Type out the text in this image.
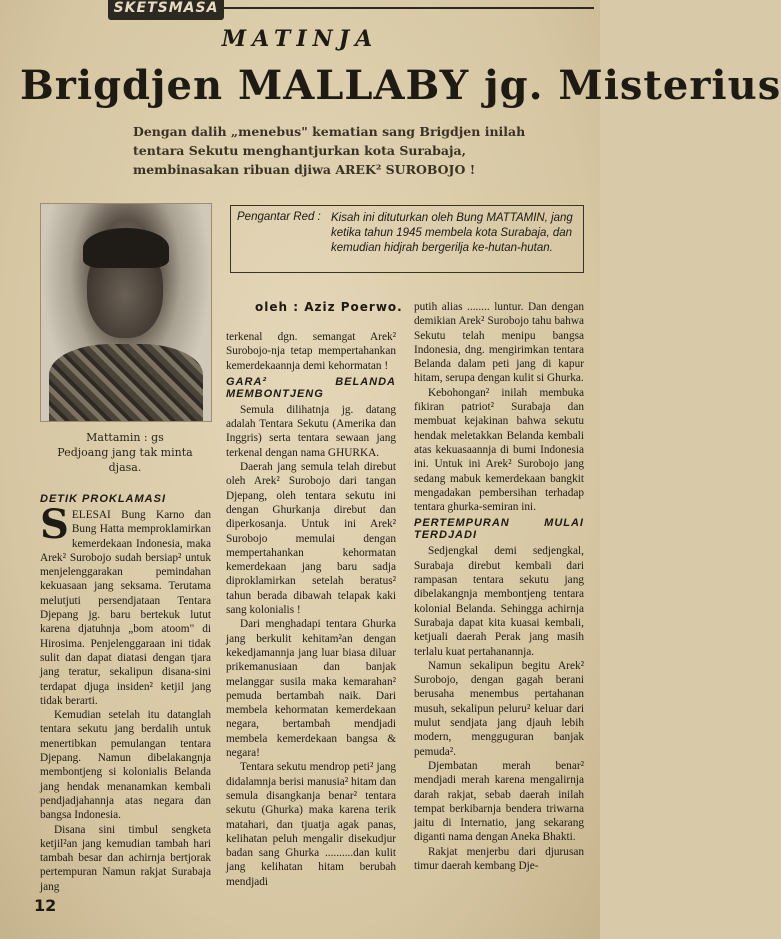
SKETSMASA
MATINJA
Brigdjen MALLABY jg. Misterius
Dengan dalih „menebus" kematian sang Brigdjen inilah tentara Sekutu menghantjurkan kota Surabaja, membinasakan ribuan djiwa AREK² SUROBOJO !
Mattamin : gs
Pedjoang jang tak minta djasa.
Pengantar Red : Kisah ini dituturkan oleh Bung MATTAMIN, jang ketika tahun 1945 membela kota Surabaja, dan kemudian hidjrah bergerilja ke-hutan-hutan.
oleh : Aziz Poerwo.
DETIK PROKLAMASI

SELESAI Bung Karno dan Bung Hatta memproklamirkan kemerdekaan Indonesia, maka Arek² Surobojo sudah bersiap² untuk menjelenggarakan pemindahan kekuasaan jang seksama. Terutama melutjuti persendjataan Tentara Djepang jg. baru bertekuk lutut karena djatuhnja „bom atoom" di Hirosima. Penjelenggaraan ini tidak sulit dan dapat diatasi dengan tjara jang teratur, sekalipun disana-sini terdapat djuga insiden² ketjil jang tidak berarti.

Kemudian setelah itu datanglah tentara sekutu jang berdalih untuk menertibkan pemulangan tentara Djepang. Namun dibelakangnja membontjeng si kolonialis Belanda jang hendak menanamkan kembali pendjadjahannja atas negara dan bangsa Indonesia.

Disana sini timbul sengketa ketjil²an jang kemudian tambah hari tambah besar dan achirnja bertjorak pertempuran Namun rakjat Surabaja jang

terkenal dgn. semangat Arek² Surobojo-nja tetap mempertahankan kemerdekaannja demi kehormatan !

GARA² BELANDA MEMBONTJENG

Semula dilihatnja jg. datang adalah Tentara Sekutu (Amerika dan Inggris) serta tentara sewaan jang terkenal dengan nama GHURKA.

Daerah jang semula telah direbut oleh Arek² Surobojo dari tangan Djepang, oleh tentara sekutu ini dengan Ghurkanja direbut dan diperkosanja. Untuk ini Arek² Surobojo memulai dengan mempertahankan kehormatan kemerdekaan jang baru sadja diproklamirkan setelah beratus² tahun berada dibawah telapak kaki sang kolonialis !

Dari menghadapi tentara Ghurka jang berkulit kehitam²an dengan kekedjamannja jang luar biasa diluar prikemanusiaan dan banjak melanggar susila maka kemarahan² pemuda bertambah naik. Dari membela kehormatan kemerdekaan negara, bertambah mendjadi membela kemerdekaan bangsa & negara!

Tentara sekutu mendrop peti² jang didalamnja berisi manusia² hitam dan semula disangkanja benar² tentara sekutu (Ghurka) maka karena terik matahari, dan tjuatja agak panas, kelihatan peluh mengalir disekudjur badan sang Ghurka ..........dan kulit jang kelihatan hitam berubah mendjadi

putih alias ........ luntur. Dan dengan demikian Arek² Surobojo tahu bahwa Sekutu telah menipu bangsa Indonesia, dng. mengirimkan tentara Belanda dalam peti jang di kapur hitam, serupa dengan kulit si Ghurka.

Kebohongan² inilah membuka fikiran patriot² Surabaja dan membuat kejakinan bahwa sekutu hendak meletakkan Belanda kembali atas kekuasaannja di bumi Indonesia ini. Untuk ini Arek² Surobojo jang sedang mabuk kemerdekaan bangkit mengadakan pembersihan terhadap tentara ghurka-semiran ini.

PERTEMPURAN MULAI TERDJADI

Sedjengkal demi sedjengkal, Surabaja direbut kembali dari rampasan tentara sekutu jang dibelakangnja membontjeng tentara kolonial Belanda. Sehingga achirnja Surabaja dapat kita kuasai kembali, ketjuali daerah Perak jang masih terlalu kuat pertahanannja.

Namun sekalipun begitu Arek² Surobojo, dengan gagah berani berusaha menembus pertahanan musuh, sekalipun peluru² keluar dari mulut sendjata jang djauh lebih modern, mengguguran banjak pemuda².

Djembatan merah benar² mendjadi merah karena mengalirnja darah rakjat, sebab daerah inilah tempat berkibarnja bendera triwarna jaitu di Internatio, jang sekarang diganti nama dengan Aneka Bhakti.

Rakjat menjerbu dari djurusan timur daerah kembang Dje-

12
